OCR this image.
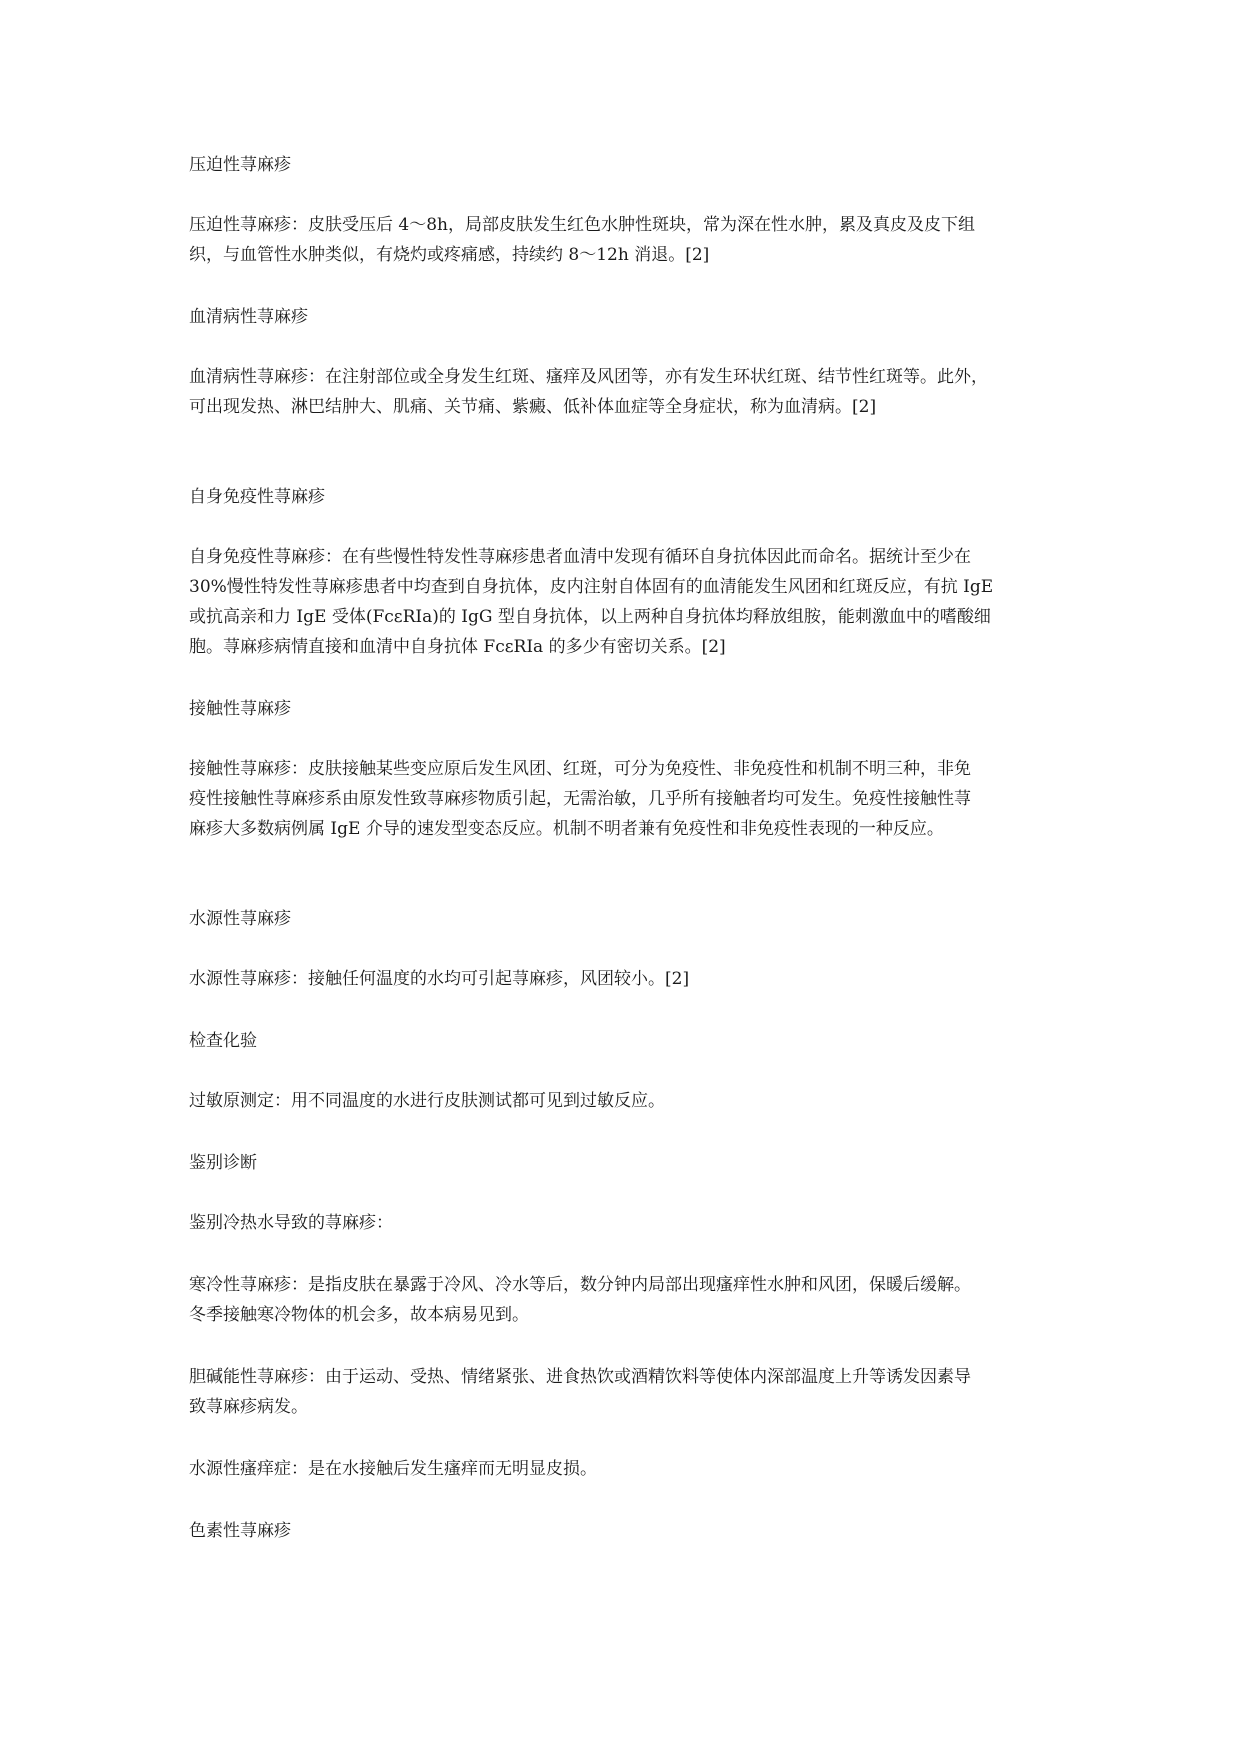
压迫性荨麻疹

压迫性荨麻疹：皮肤受压后 4～8h，局部皮肤发生红色水肿性斑块，常为深在性水肿，累及真皮及皮下组
织，与血管性水肿类似，有烧灼或疼痛感，持续约 8～12h 消退。[2]

血清病性荨麻疹

血清病性荨麻疹：在注射部位或全身发生红斑、瘙痒及风团等，亦有发生环状红斑、结节性红斑等。此外，
可出现发热、淋巴结肿大、肌痛、关节痛、紫癜、低补体血症等全身症状，称为血清病。[2]

自身免疫性荨麻疹

自身免疫性荨麻疹：在有些慢性特发性荨麻疹患者血清中发现有循环自身抗体因此而命名。据统计至少在
30%慢性特发性荨麻疹患者中均查到自身抗体，皮内注射自体固有的血清能发生风团和红斑反应，有抗 IgE
或抗高亲和力 IgE 受体(FcεRIa)的 IgG 型自身抗体，以上两种自身抗体均释放组胺，能刺激血中的嗜酸细
胞。荨麻疹病情直接和血清中自身抗体 FcεRIa 的多少有密切关系。[2]

接触性荨麻疹

接触性荨麻疹：皮肤接触某些变应原后发生风团、红斑，可分为免疫性、非免疫性和机制不明三种，非免
疫性接触性荨麻疹系由原发性致荨麻疹物质引起，无需治敏，几乎所有接触者均可发生。免疫性接触性荨
麻疹大多数病例属 IgE 介导的速发型变态反应。机制不明者兼有免疫性和非免疫性表现的一种反应。

水源性荨麻疹

水源性荨麻疹：接触任何温度的水均可引起荨麻疹，风团较小。[2]

检查化验

过敏原测定：用不同温度的水进行皮肤测试都可见到过敏反应。

鉴别诊断

鉴别冷热水导致的荨麻疹：

寒冷性荨麻疹：是指皮肤在暴露于冷风、冷水等后，数分钟内局部出现瘙痒性水肿和风团，保暖后缓解。
冬季接触寒冷物体的机会多，故本病易见到。

胆碱能性荨麻疹：由于运动、受热、情绪紧张、进食热饮或酒精饮料等使体内深部温度上升等诱发因素导
致荨麻疹病发。

水源性瘙痒症：是在水接触后发生瘙痒而无明显皮损。

色素性荨麻疹
